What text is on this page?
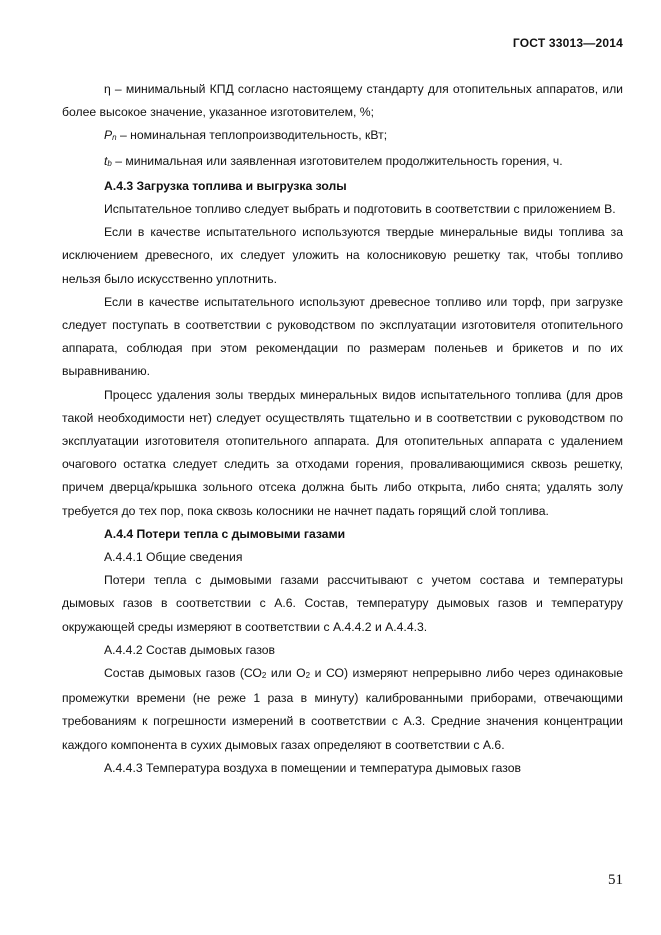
ГОСТ 33013—2014

η – минимальный КПД согласно настоящему стандарту для отопительных аппаратов, или более высокое значение, указанное изготовителем, %;

Pn – номинальная теплопроизводительность, кВт;

tb – минимальная или заявленная изготовителем продолжительность горения, ч.

А.4.3 Загрузка топлива и выгрузка золы

Испытательное топливо следует выбрать и подготовить в соответствии с приложением В.

Если в качестве испытательного используются твердые минеральные виды топлива за исключением древесного, их следует уложить на колосниковую решетку так, чтобы топливо нельзя было искусственно уплотнить.

Если в качестве испытательного используют древесное топливо или торф, при загрузке следует поступать в соответствии с руководством по эксплуатации изготовителя отопительного аппарата, соблюдая при этом рекомендации по размерам поленьев и брикетов и по их выравниванию.

Процесс удаления золы твердых минеральных видов испытательного топлива (для дров такой необходимости нет) следует осуществлять тщательно и в соответствии с руководством по эксплуатации изготовителя отопительного аппарата. Для отопительных аппарата с удалением очагового остатка следует следить за отходами горения, проваливающимися сквозь решетку, причем дверца/крышка зольного отсека должна быть либо открыта, либо снята; удалять золу требуется до тех пор, пока сквозь колосники не начнет падать горящий слой топлива.

А.4.4 Потери тепла с дымовыми газами

А.4.4.1 Общие сведения

Потери тепла с дымовыми газами рассчитывают с учетом состава и температуры дымовых газов в соответствии с А.6. Состав, температуру дымовых газов и температуру окружающей среды измеряют в соответствии с А.4.4.2 и А.4.4.3.

А.4.4.2 Состав дымовых газов

Состав дымовых газов (СО2 или О2 и СО) измеряют непрерывно либо через одинаковые промежутки времени (не реже 1 раза в минуту) калиброванными приборами, отвечающими требованиям к погрешности измерений в соответствии с А.3. Средние значения концентрации каждого компонента в сухих дымовых газах определяют в соответствии с А.6.

А.4.4.3 Температура воздуха в помещении и температура дымовых газов

51
